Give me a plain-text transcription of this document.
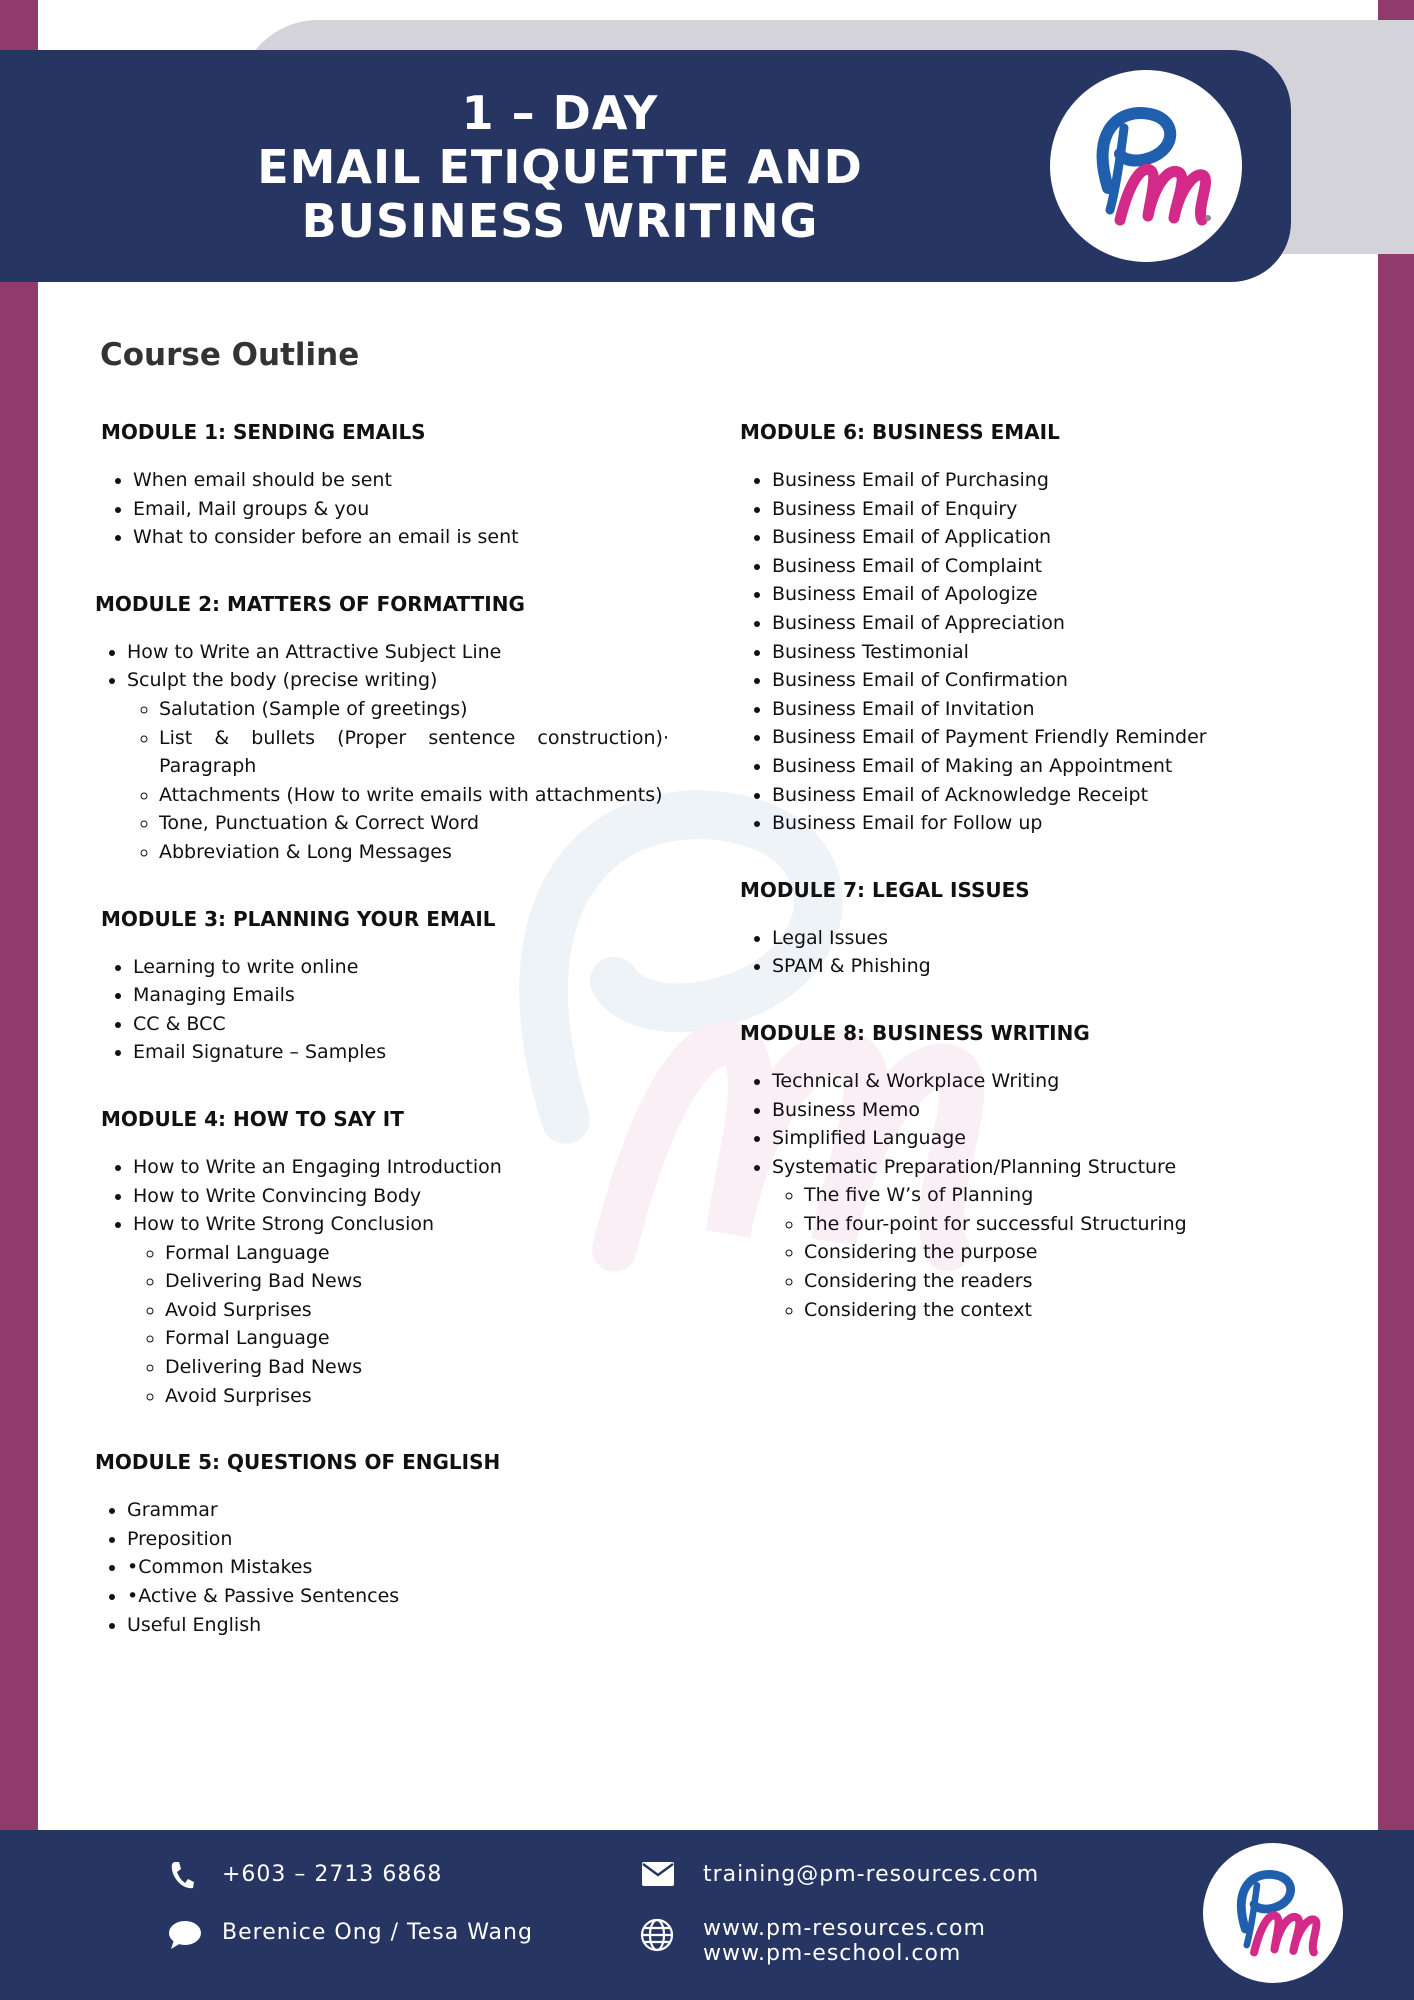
1 – DAY
EMAIL ETIQUETTE AND
BUSINESS WRITING
Course Outline
MODULE 1: SENDING EMAILS
• When email should be sent
• Email, Mail groups & you
• What to consider before an email is sent
MODULE 2: MATTERS OF FORMATTING
• How to Write an Attractive Subject Line
• Sculpt the body (precise writing)
◦ Salutation (Sample of greetings)
◦ List & bullets (Proper sentence construction)· Paragraph
◦ Attachments (How to write emails with attachments)
◦ Tone, Punctuation & Correct Word
◦ Abbreviation & Long Messages
MODULE 3: PLANNING YOUR EMAIL
• Learning to write online
• Managing Emails
• CC & BCC
• Email Signature – Samples
MODULE 4: HOW TO SAY IT
• How to Write an Engaging Introduction
• How to Write Convincing Body
• How to Write Strong Conclusion
◦ Formal Language
◦ Delivering Bad News
◦ Avoid Surprises
◦ Formal Language
◦ Delivering Bad News
◦ Avoid Surprises
MODULE 5: QUESTIONS OF ENGLISH
• Grammar
• Preposition
• •Common Mistakes
• •Active & Passive Sentences
• Useful English
MODULE 6: BUSINESS EMAIL
• Business Email of Purchasing
• Business Email of Enquiry
• Business Email of Application
• Business Email of Complaint
• Business Email of Apologize
• Business Email of Appreciation
• Business Testimonial
• Business Email of Confirmation
• Business Email of Invitation
• Business Email of Payment Friendly Reminder
• Business Email of Making an Appointment
• Business Email of Acknowledge Receipt
• Business Email for Follow up
MODULE 7: LEGAL ISSUES
• Legal Issues
• SPAM & Phishing
MODULE 8: BUSINESS WRITING
• Technical & Workplace Writing
• Business Memo
• Simplified Language
• Systematic Preparation/Planning Structure
◦ The five W’s of Planning
◦ The four-point for successful Structuring
◦ Considering the purpose
◦ Considering the readers
◦ Considering the context
+603 – 2713 6868
Berenice Ong / Tesa Wang
training@pm-resources.com
www.pm-resources.com
www.pm-eschool.com
